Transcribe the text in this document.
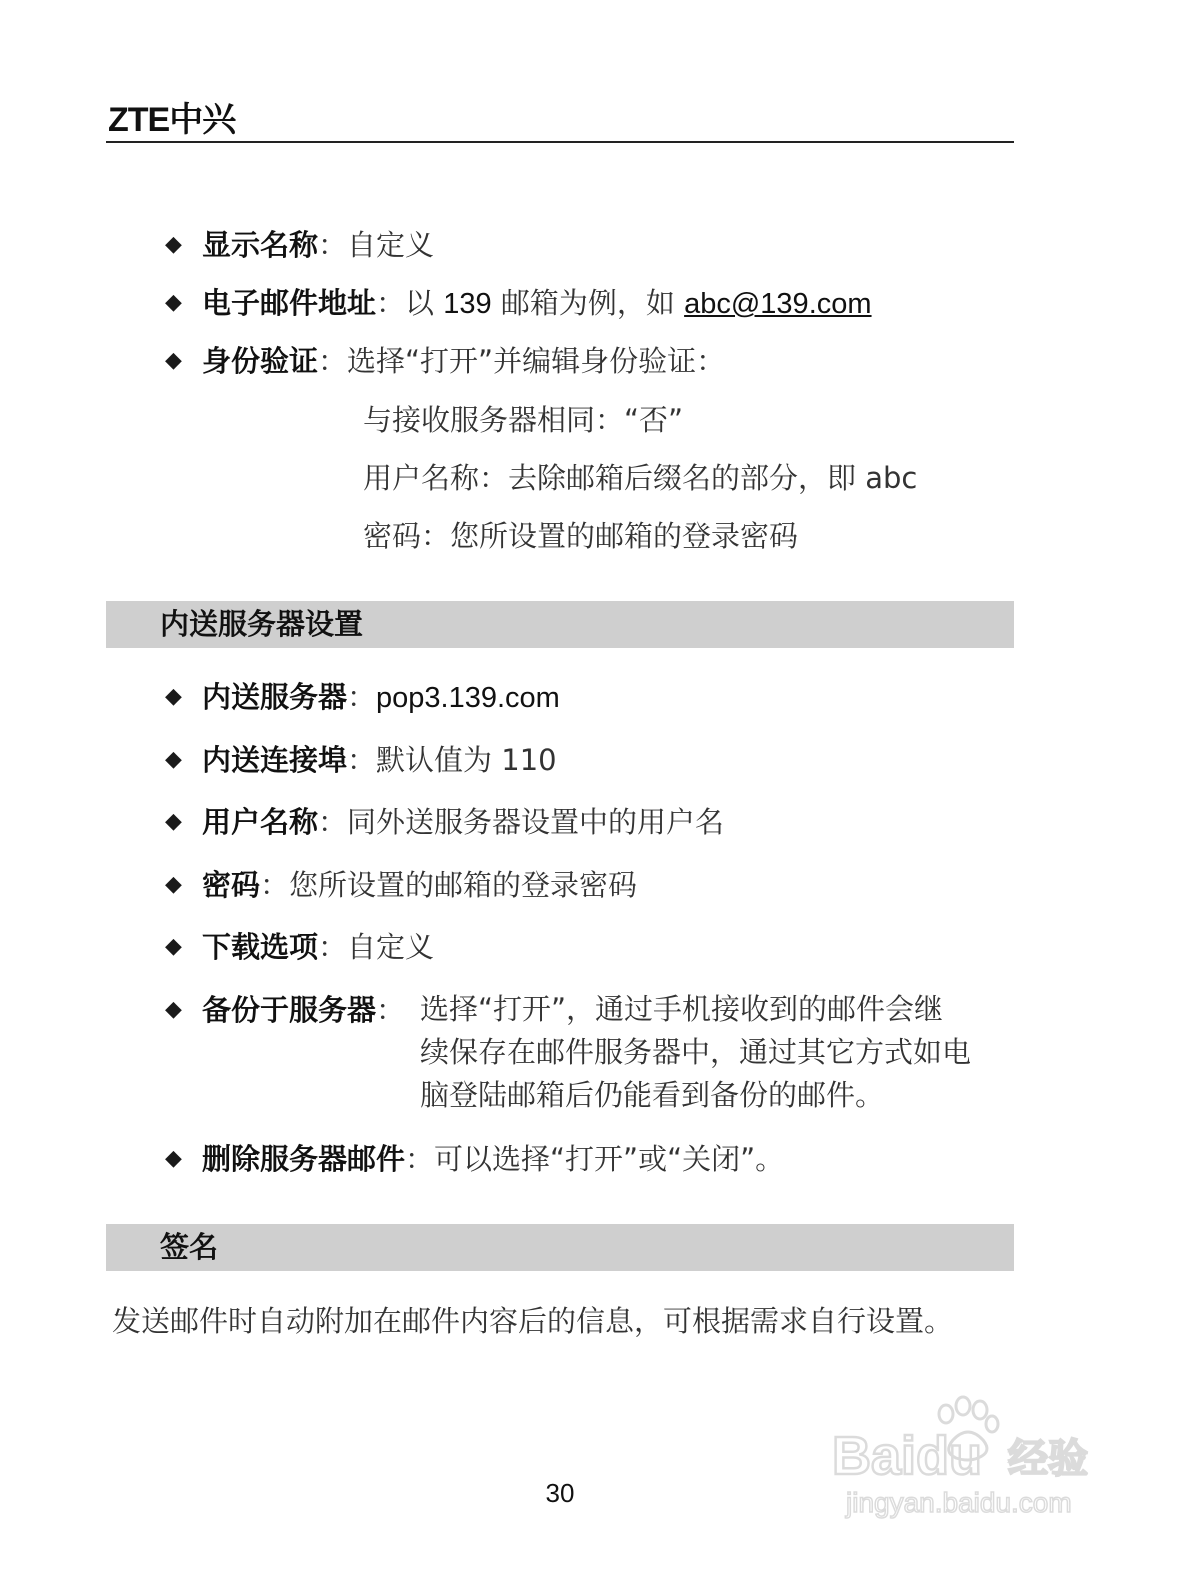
ZTE中兴
◆ 显示名称：自定义
◆ 电子邮件地址：以 139 邮箱为例，如 abc@139.com
◆ 身份验证：选择“打开”并编辑身份验证：
与接收服务器相同：“否”
用户名称：去除邮箱后缀名的部分，即 abc
密码：您所设置的邮箱的登录密码
内送服务器设置
◆ 内送服务器：pop3.139.com
◆ 内送连接埠：默认值为 110
◆ 用户名称：同外送服务器设置中的用户名
◆ 密码：您所设置的邮箱的登录密码
◆ 下载选项：自定义
◆ 备份于服务器： 选择“打开”，通过手机接收到的邮件会继
续保存在邮件服务器中，通过其它方式如电
脑登陆邮箱后仍能看到备份的邮件。
◆ 删除服务器邮件：可以选择“打开”或“关闭”。
签名
发送邮件时自动附加在邮件内容后的信息，可根据需求自行设置。
30
Baidu 经验
jingyan.baidu.com
